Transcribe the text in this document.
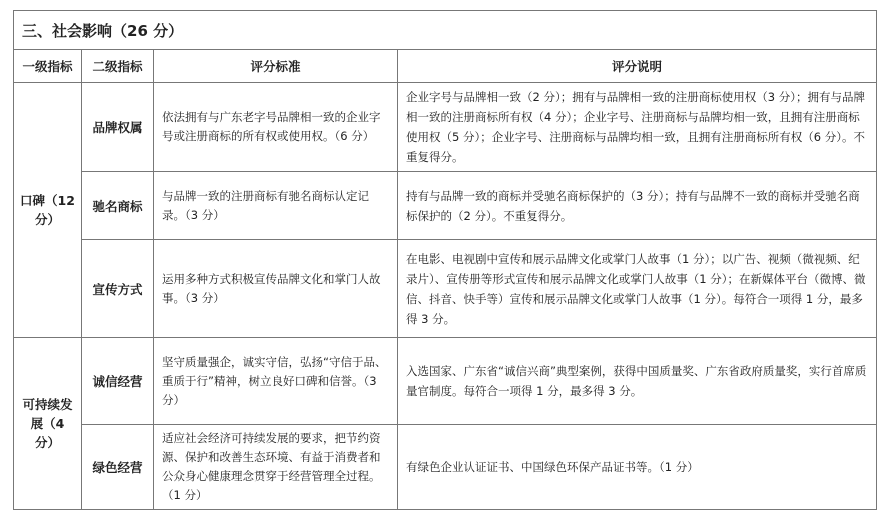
三、社会影响（26 分）			
一级指标	二级指标	评分标准	评分说明
口碑（12 分）	品牌权属	依法拥有与广东老字号品牌相一致的企业字号或注册商标的所有权或使用权。（6 分）	企业字号与品牌相一致（2 分）；拥有与品牌相一致的注册商标使用权（3 分）；拥有与品牌相一致的注册商标所有权（4 分）；企业字号、注册商标与品牌均相一致，且拥有注册商标使用权（5 分）；企业字号、注册商标与品牌均相一致，且拥有注册商标所有权（6 分）。不重复得分。
	驰名商标	与品牌一致的注册商标有驰名商标认定记录。（3 分）	持有与品牌一致的商标并受驰名商标保护的（3 分）；持有与品牌不一致的商标并受驰名商标保护的（2 分）。不重复得分。
	宣传方式	运用多种方式积极宣传品牌文化和掌门人故事。（3 分）	在电影、电视剧中宣传和展示品牌文化或掌门人故事（1 分）；以广告、视频（微视频、纪录片）、宣传册等形式宣传和展示品牌文化或掌门人故事（1 分）；在新媒体平台（微博、微信、抖音、快手等）宣传和展示品牌文化或掌门人故事（1 分）。每符合一项得 1 分，最多得 3 分。
可持续发展（4 分）	诚信经营	坚守质量强企，诚实守信，弘扬“守信于品、重质于行”精神，树立良好口碑和信誉。（3 分）	入选国家、广东省“诚信兴商”典型案例，获得中国质量奖、广东省政府质量奖，实行首席质量官制度。每符合一项得 1 分，最多得 3 分。
	绿色经营	适应社会经济可持续发展的要求，把节约资源、保护和改善生态环境、有益于消费者和公众身心健康理念贯穿于经营管理全过程。（1 分）	有绿色企业认证证书、中国绿色环保产品证书等。（1 分）
